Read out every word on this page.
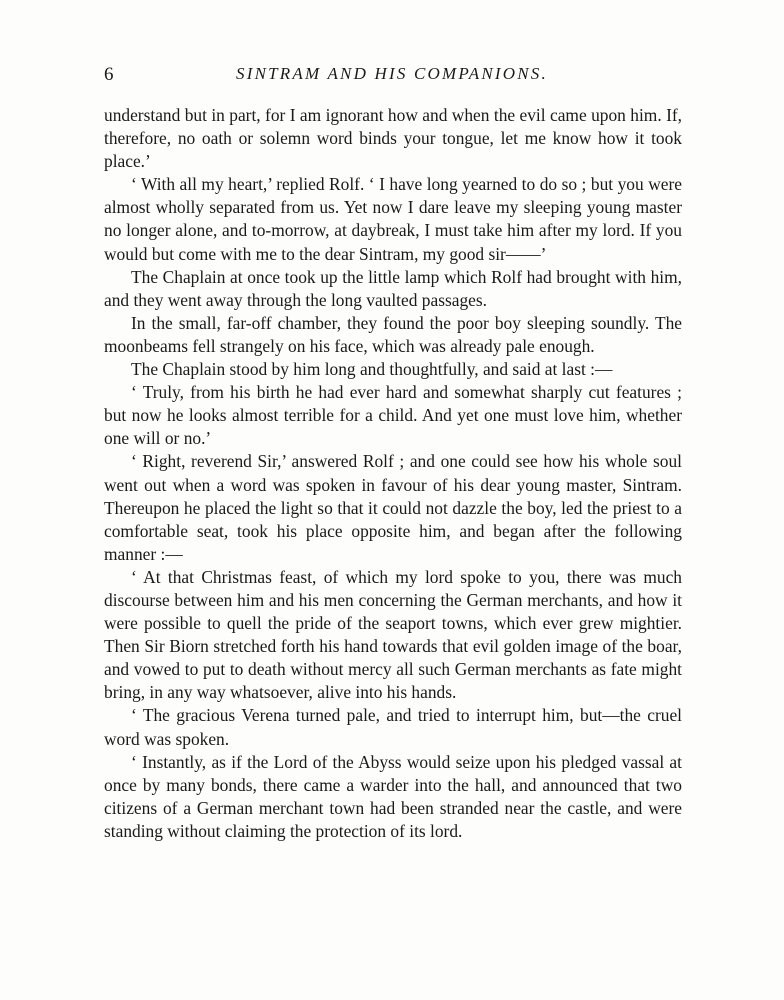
6	SINTRAM AND HIS COMPANIONS.

understand but in part, for I am ignorant how and when the evil came upon him. If, therefore, no oath or solemn word binds your tongue, let me know how it took place.’

‘ With all my heart,’ replied Rolf. ‘ I have long yearned to do so ; but you were almost wholly separated from us. Yet now I dare leave my sleeping young master no longer alone, and to-morrow, at daybreak, I must take him after my lord. If you would but come with me to the dear Sintram, my good sir——’

The Chaplain at once took up the little lamp which Rolf had brought with him, and they went away through the long vaulted passages.

In the small, far-off chamber, they found the poor boy sleeping soundly. The moonbeams fell strangely on his face, which was already pale enough.

The Chaplain stood by him long and thoughtfully, and said at last :—

‘ Truly, from his birth he had ever hard and somewhat sharply cut features ; but now he looks almost terrible for a child. And yet one must love him, whether one will or no.’

‘ Right, reverend Sir,’ answered Rolf ; and one could see how his whole soul went out when a word was spoken in favour of his dear young master, Sintram. Thereupon he placed the light so that it could not dazzle the boy, led the priest to a comfortable seat, took his place opposite him, and began after the following manner :—

‘ At that Christmas feast, of which my lord spoke to you, there was much discourse between him and his men concerning the German merchants, and how it were possible to quell the pride of the seaport towns, which ever grew mightier. Then Sir Biorn stretched forth his hand towards that evil golden image of the boar, and vowed to put to death without mercy all such German merchants as fate might bring, in any way whatsoever, alive into his hands.

‘ The gracious Verena turned pale, and tried to interrupt him, but—the cruel word was spoken.

‘ Instantly, as if the Lord of the Abyss would seize upon his pledged vassal at once by many bonds, there came a warder into the hall, and announced that two citizens of a German merchant town had been stranded near the castle, and were standing without claiming the protection of its lord.
